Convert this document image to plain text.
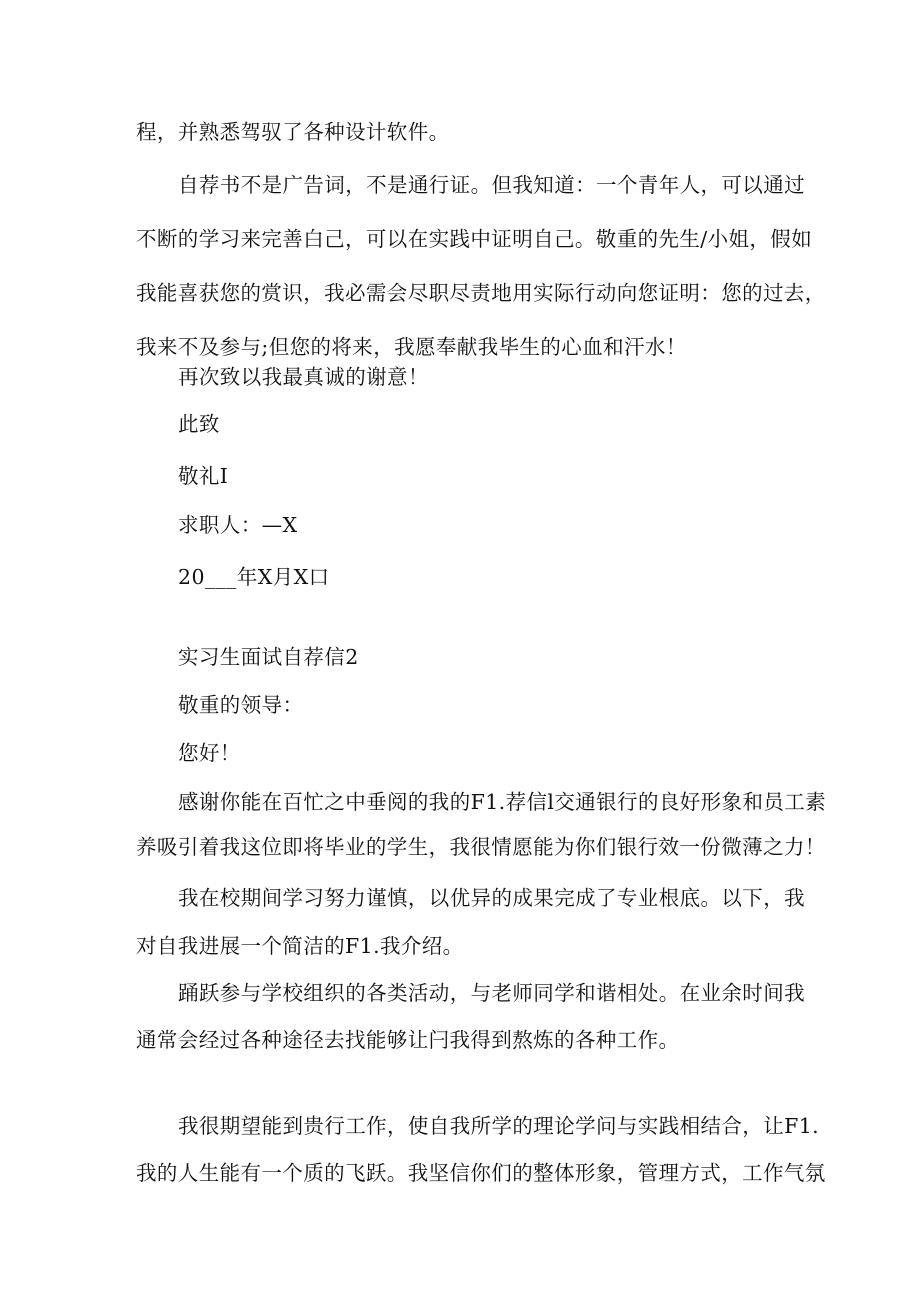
程，并熟悉驾驭了各种设计软件。
自荐书不是广告词，不是通行证。但我知道：一个青年人，可以通过
不断的学习来完善白己，可以在实践中证明自己。敬重的先生/小姐，假如
我能喜获您的赏识，我必需会尽职尽责地用实际行动向您证明：您的过去，
我来不及参与;但您的将来，我愿奉献我毕生的心血和汗水！
再次致以我最真诚的谢意！
此致
敬礼I
求职人：—X
20___年X月X口
实习生面试自荐信2
敬重的领导：
您好！
感谢你能在百忙之中垂阅的我的F1.荐信l交通银行的良好形象和员工素
养吸引着我这位即将毕业的学生，我很情愿能为你们银行效一份微薄之力！
我在校期间学习努力谨慎，以优异的成果完成了专业根底。以下，我
对自我进展一个简洁的F1.我介绍。
踊跃参与学校组织的各类活动，与老师同学和谐相处。在业余时间我
通常会经过各种途径去找能够让闩我得到熬炼的各种工作。
我很期望能到贵行工作，使自我所学的理论学问与实践相结合，让F1.
我的人生能有一个质的飞跃。我坚信你们的整体形象，管理方式，工作气氛
